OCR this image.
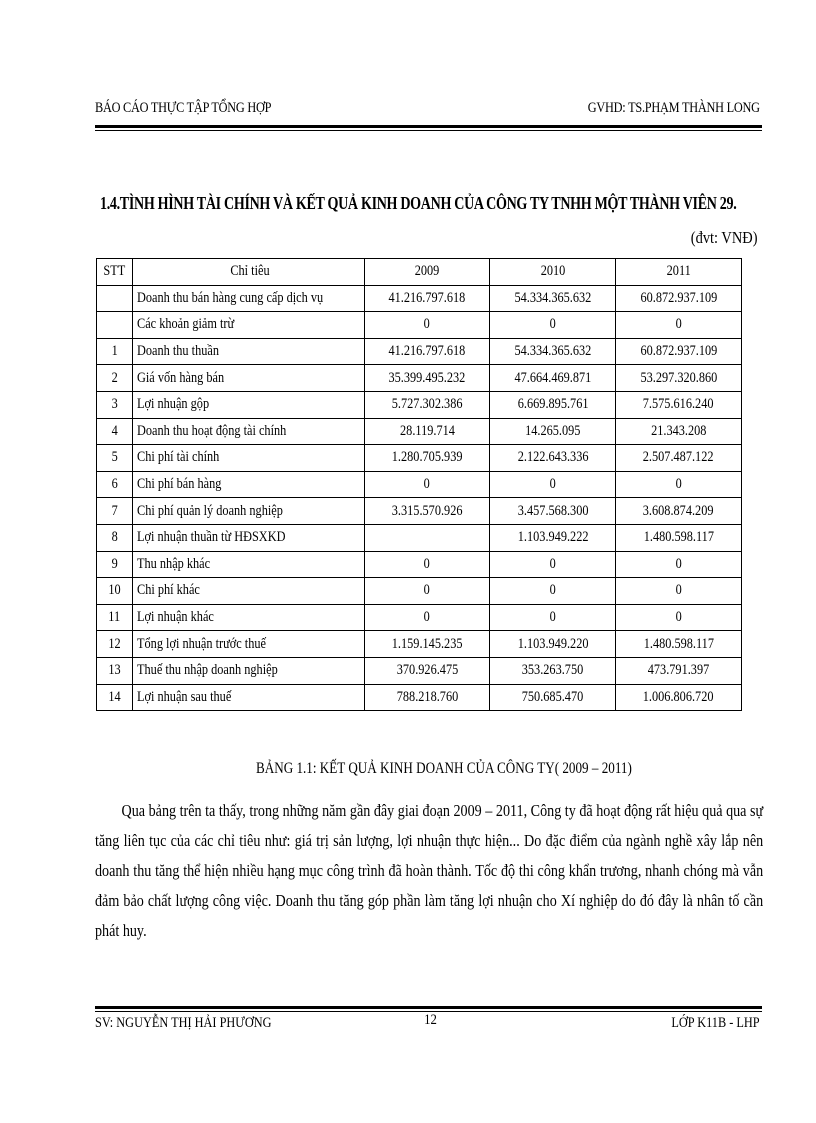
BÁO CÁO THỰC TẬP TỔNG HỢP	GVHD: TS.PHẠM THÀNH LONG
1.4.TÌNH HÌNH TÀI CHÍNH VÀ KẾT QUẢ KINH DOANH CỦA CÔNG TY TNHH MỘT THÀNH VIÊN 29.
(đvt: VNĐ)
STT	Chỉ tiêu	2009	2010	2011
	Doanh thu bán hàng cung cấp dịch vụ	41.216.797.618	54.334.365.632	60.872.937.109
	Các khoản giảm trừ	0	0	0
1	Doanh thu thuần	41.216.797.618	54.334.365.632	60.872.937.109
2	Giá vốn hàng bán	35.399.495.232	47.664.469.871	53.297.320.860
3	Lợi nhuận gộp	5.727.302.386	6.669.895.761	7.575.616.240
4	Doanh thu hoạt động tài chính	28.119.714	14.265.095	21.343.208
5	Chi phí tài chính	1.280.705.939	2.122.643.336	2.507.487.122
6	Chi phí bán hàng	0	0	0
7	Chi phí quản lý doanh nghiệp	3.315.570.926	3.457.568.300	3.608.874.209
8	Lợi nhuận thuần từ HĐSXKD		1.103.949.222	1.480.598.117
9	Thu nhập khác	0	0	0
10	Chi phí khác	0	0	0
11	Lợi nhuận khác	0	0	0
12	Tổng lợi nhuận trước thuế	1.159.145.235	1.103.949.220	1.480.598.117
13	Thuế thu nhập doanh nghiệp	370.926.475	353.263.750	473.791.397
14	Lợi nhuận sau thuế	788.218.760	750.685.470	1.006.806.720
BẢNG 1.1: KẾT QUẢ KINH DOANH CỦA CÔNG TY( 2009 – 2011)
Qua bảng trên ta thấy, trong những năm gần đây giai đoạn 2009 – 2011, Công ty đã hoạt động rất hiệu quả qua sự tăng liên tục của các chỉ tiêu như: giá trị sản lượng, lợi nhuận thực hiện... Do đặc điểm của ngành nghề xây lắp nên doanh thu tăng thể hiện nhiều hạng mục công trình đã hoàn thành. Tốc độ thi công khẩn trương, nhanh chóng mà vẫn đảm bảo chất lượng công việc. Doanh thu tăng góp phần làm tăng lợi nhuận cho Xí nghiệp do đó đây là nhân tố cần phát huy.
SV: NGUYỄN THỊ HẢI PHƯƠNG	12	LỚP K11B - LHP
